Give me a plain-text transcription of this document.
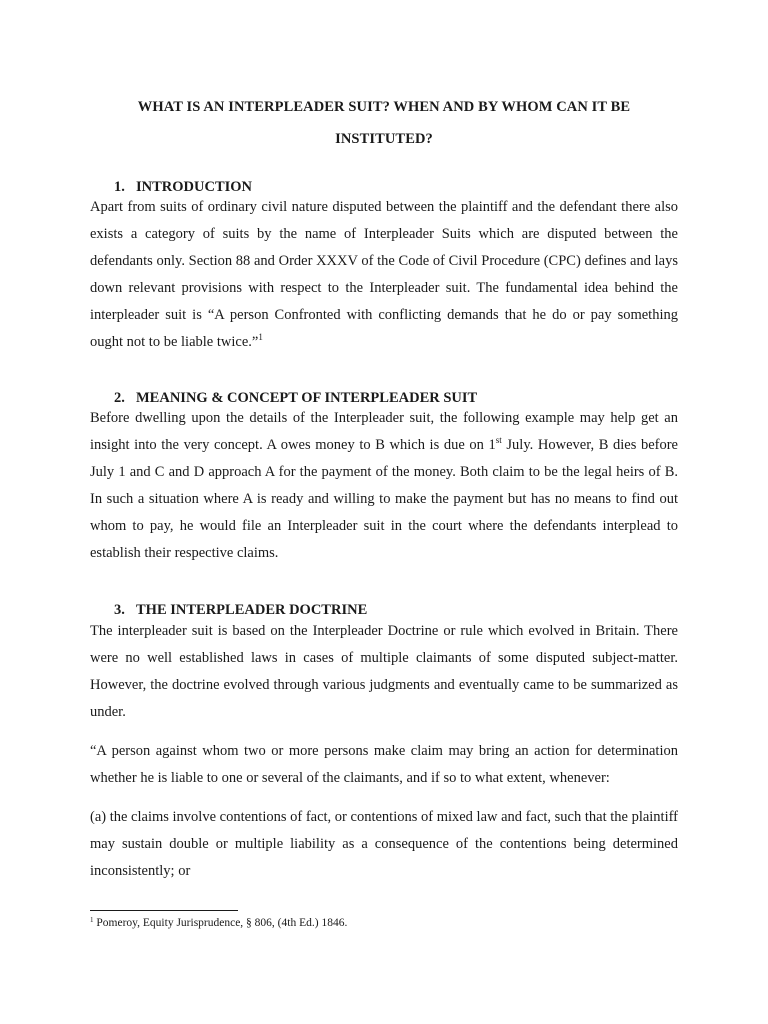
WHAT IS AN INTERPLEADER SUIT? WHEN AND BY WHOM CAN IT BE INSTITUTED?
1. INTRODUCTION

Apart from suits of ordinary civil nature disputed between the plaintiff and the defendant there also exists a category of suits by the name of Interpleader Suits which are disputed between the defendants only. Section 88 and Order XXXV of the Code of Civil Procedure (CPC) defines and lays down relevant provisions with respect to the Interpleader suit. The fundamental idea behind the interpleader suit is “A person Confronted with conflicting demands that he do or pay something ought not to be liable twice.”$^1$

2. MEANING & CONCEPT OF INTERPLEADER SUIT

Before dwelling upon the details of the Interpleader suit, the following example may help get an insight into the very concept. A owes money to B which is due on 1st July. However, B dies before July 1 and C and D approach A for the payment of the money. Both claim to be the legal heirs of B. In such a situation where A is ready and willing to make the payment but has no means to find out whom to pay, he would file an Interpleader suit in the court where the defendants interplead to establish their respective claims.

3. THE INTERPLEADER DOCTRINE

The interpleader suit is based on the Interpleader Doctrine or rule which evolved in Britain. There were no well established laws in cases of multiple claimants of some disputed subject-matter. However, the doctrine evolved through various judgments and eventually came to be summarized as under.

“A person against whom two or more persons make claim may bring an action for determination whether he is liable to one or several of the claimants, and if so to what extent, whenever:

(a) the claims involve contentions of fact, or contentions of mixed law and fact, such that the plaintiff may sustain double or multiple liability as a consequence of the contentions being determined inconsistently; or

$^1$ Pomeroy, Equity Jurisprudence, § 806, (4th Ed.) 1846.
